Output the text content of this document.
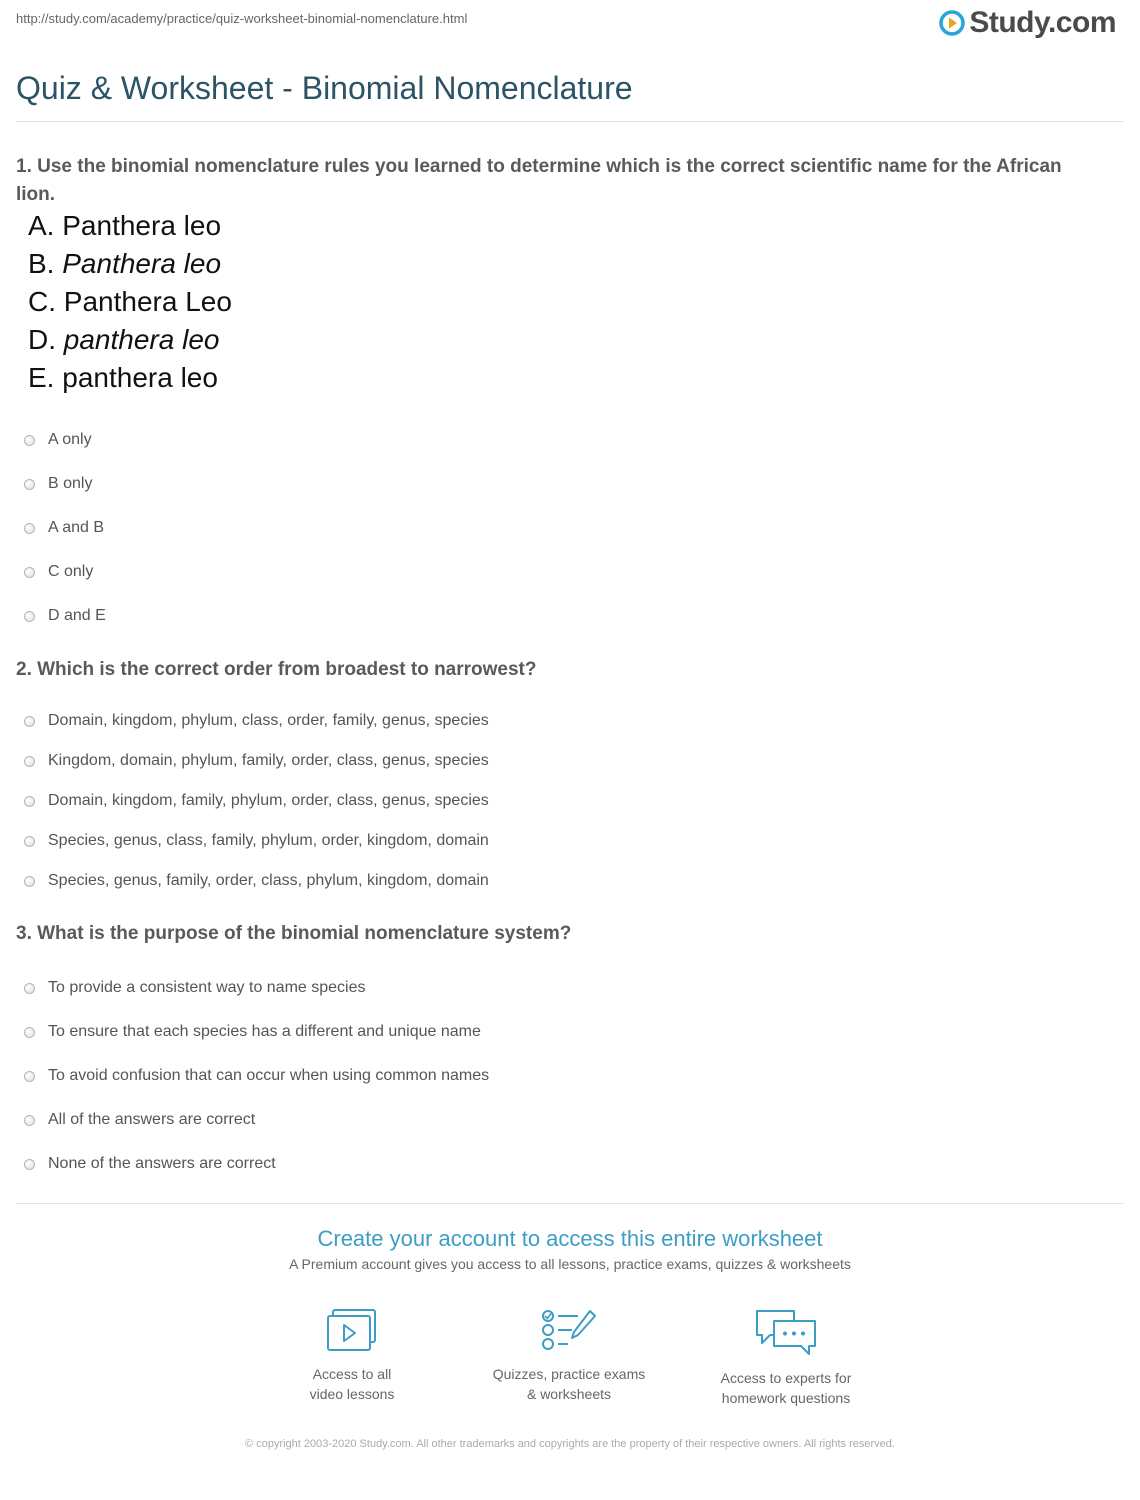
http://study.com/academy/practice/quiz-worksheet-binomial-nomenclature.html	Study.com
Quiz & Worksheet - Binomial Nomenclature
1. Use the binomial nomenclature rules you learned to determine which is the correct scientific name for the African lion.
A. Panthera leo
B. Panthera leo
C. Panthera Leo
D. panthera leo
E. panthera leo
A only
B only
A and B
C only
D and E
2. Which is the correct order from broadest to narrowest?
Domain, kingdom, phylum, class, order, family, genus, species
Kingdom, domain, phylum, family, order, class, genus, species
Domain, kingdom, family, phylum, order, class, genus, species
Species, genus, class, family, phylum, order, kingdom, domain
Species, genus, family, order, class, phylum, kingdom, domain
3. What is the purpose of the binomial nomenclature system?
To provide a consistent way to name species
To ensure that each species has a different and unique name
To avoid confusion that can occur when using common names
All of the answers are correct
None of the answers are correct
Create your account to access this entire worksheet
A Premium account gives you access to all lessons, practice exams, quizzes & worksheets
Access to all
video lessons
Quizzes, practice exams
& worksheets
Access to experts for
homework questions
© copyright 2003-2020 Study.com. All other trademarks and copyrights are the property of their respective owners. All rights reserved.
